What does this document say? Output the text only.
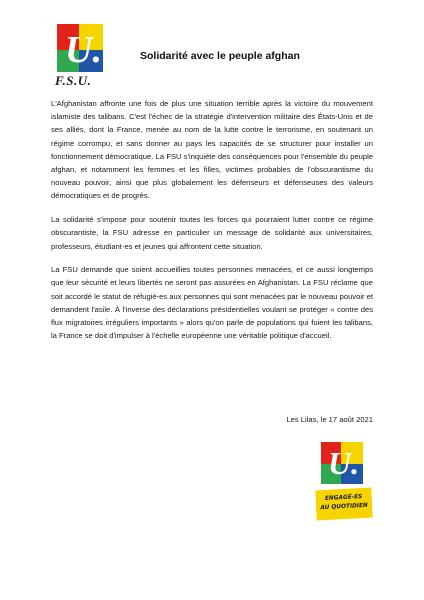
U.
F.S.U.
Solidarité avec le peuple afghan

L'Afghanistan affronte une fois de plus une situation terrible après la victoire du mouvement islamiste des talibans. C'est l'échec de la stratégie d'intervention militaire des États-Unis et de ses alliés, dont la France, menée au nom de la lutte contre le terrorisme, en soutenant un régime corrompu, et sans donner au pays les capacités de se structurer pour installer un fonctionnement démocratique. La FSU s'inquiète des conséquences pour l'ensemble du peuple afghan, et notamment les femmes et les filles, victimes probables de l'obscurantisme du nouveau pouvoir, ainsi que plus globalement les défenseurs et défenseuses des valeurs démocratiques et de progrès.

La solidarité s'impose pour soutenir toutes les forces qui pourraient lutter contre ce régime obscurantiste, la FSU adresse en particulier un message de solidarité aux universitaires, professeurs, étudiant-es et jeunes qui affrontent cette situation.

La FSU demande que soient accueillies toutes personnes menacées, et ce aussi longtemps que leur sécurité et leurs libertés ne seront pas assurées en Afghanistan. La FSU réclame que soit accordé le statut de réfugié-es aux personnes qui sont menacées par le nouveau pouvoir et demandent l'asile. À l'inverse des déclarations présidentielles voulant se protéger « contre des flux migratoires irréguliers importants » alors qu'on parle de populations qui fuient les talibans, la France se doit d'impulser à l'échelle européenne une véritable politique d'accueil.

Les Lilas, le 17 août 2021
U.
ENGAGÉ-ES
AU QUOTIDIEN
